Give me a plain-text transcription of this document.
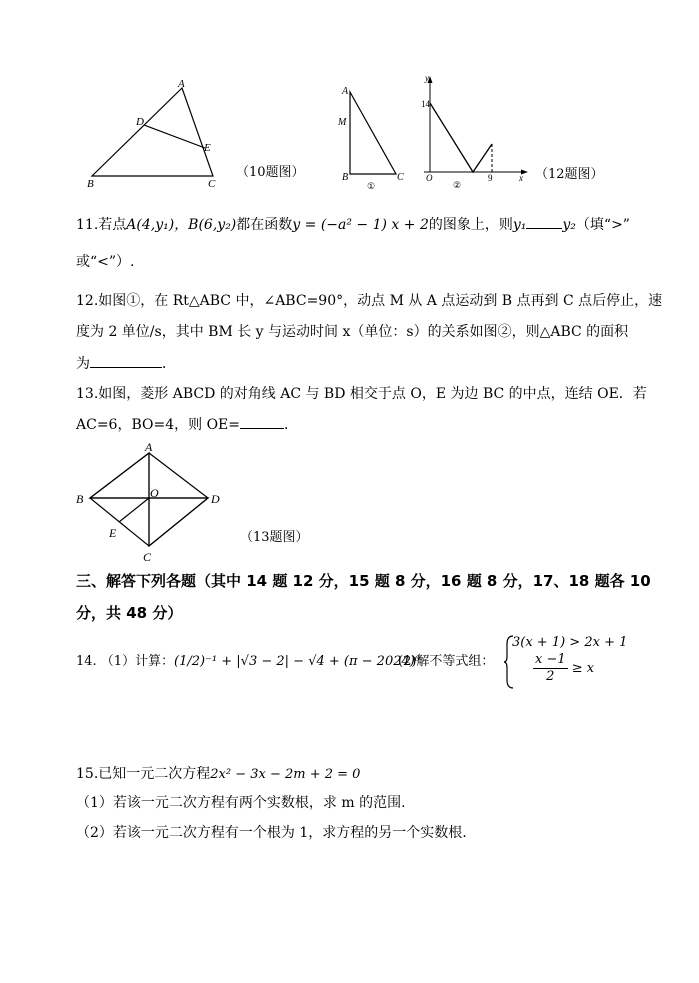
A
D
E
B	C
（10题图）
A
M
B	C
①
y
14
O
②
9	x （12题图）
11.若点A(4,y₁)，B(6,y₂)都在函数y = (−a² − 1) x + 2的图象上，则y₁	y₂（填“>”
或“<”）.
12.如图①，在 Rt△ABC 中，∠ABC=90°，动点 M 从 A 点运动到 B 点再到 C 点后停止，速
度为 2 单位/s，其中 BM 长 y 与运动时间 x（单位：s）的关系如图②，则△ABC 的面积
为	．
13.如图，菱形 ABCD 的对角线 AC 与 BD 相交于点 O，E 为边 BC 的中点，连结 OE．若
AC=6，BO=4，则 OE=	．
A
B	O	D
E
C
（13题图）
三、解答下列各题（其中 14 题 12 分，15 题 8 分，16 题 8 分，17、18 题各 10
分，共 48 分）
14. （1）计算： (1/2)⁻¹ + |√3 − 2| − √4 + (π − 2024)⁰
(2)解不等式组：
3(x + 1) > 2x + 1
$\frac{x -1}{2} \ge x$
15.已知一元二次方程2x² − 3x − 2m + 2 = 0
（1）若该一元二次方程有两个实数根，求 m 的范围.
（2）若该一元二次方程有一个根为 1，求方程的另一个实数根.
